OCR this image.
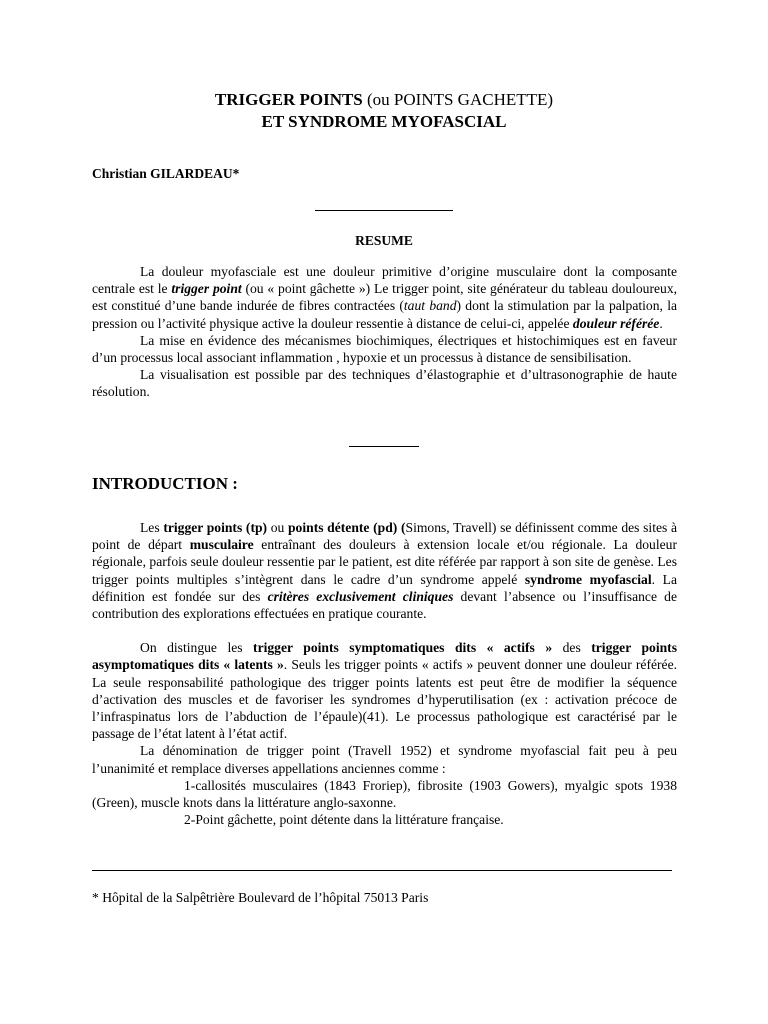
TRIGGER POINTS (ou POINTS GACHETTE)
ET SYNDROME MYOFASCIAL
Christian GILARDEAU*
RESUME

La douleur myofasciale est une douleur primitive d’origine musculaire dont la composante centrale est le trigger point (ou « point gâchette ») Le trigger point, site générateur du tableau douloureux, est constitué d’une bande indurée de fibres contractées (taut band) dont la stimulation par la palpation, la pression ou l’activité physique active la douleur ressentie à distance de celui-ci, appelée douleur référée.

La mise en évidence des mécanismes biochimiques, électriques et histochimiques est en faveur d’un processus local associant inflammation , hypoxie et un processus à distance de sensibilisation.

La visualisation est possible par des techniques d’élastographie et d’ultrasonographie de haute résolution.

INTRODUCTION :

Les trigger points (tp) ou points détente (pd) (Simons, Travell) se définissent comme des sites à point de départ musculaire entraînant des douleurs à extension locale et/ou régionale. La douleur régionale, parfois seule douleur ressentie par le patient, est dite référée par rapport à son site de genèse. Les trigger points multiples s’intègrent dans le cadre d’un syndrome appelé syndrome myofascial. La définition est fondée sur des critères exclusivement cliniques devant l’absence ou l’insuffisance de contribution des explorations effectuées en pratique courante.

On distingue les trigger points symptomatiques dits « actifs » des trigger points asymptomatiques dits « latents ». Seuls les trigger points « actifs » peuvent donner une douleur référée. La seule responsabilité pathologique des trigger points latents est peut être de modifier la séquence d’activation des muscles et de favoriser les syndromes d’hyperutilisation (ex : activation précoce de l’infraspinatus lors de l’abduction de l’épaule)(41). Le processus pathologique est caractérisé par le passage de l’état latent à l’état actif.

La dénomination de trigger point (Travell 1952) et syndrome myofascial fait peu à peu l’unanimité et remplace diverses appellations anciennes comme :

1-callosités musculaires (1843 Froriep), fibrosite (1903 Gowers), myalgic spots 1938 (Green), muscle knots dans la littérature anglo-saxonne.

2-Point gâchette, point détente dans la littérature française.

* Hôpital de la Salpêtrière Boulevard de l’hôpital 75013 Paris
